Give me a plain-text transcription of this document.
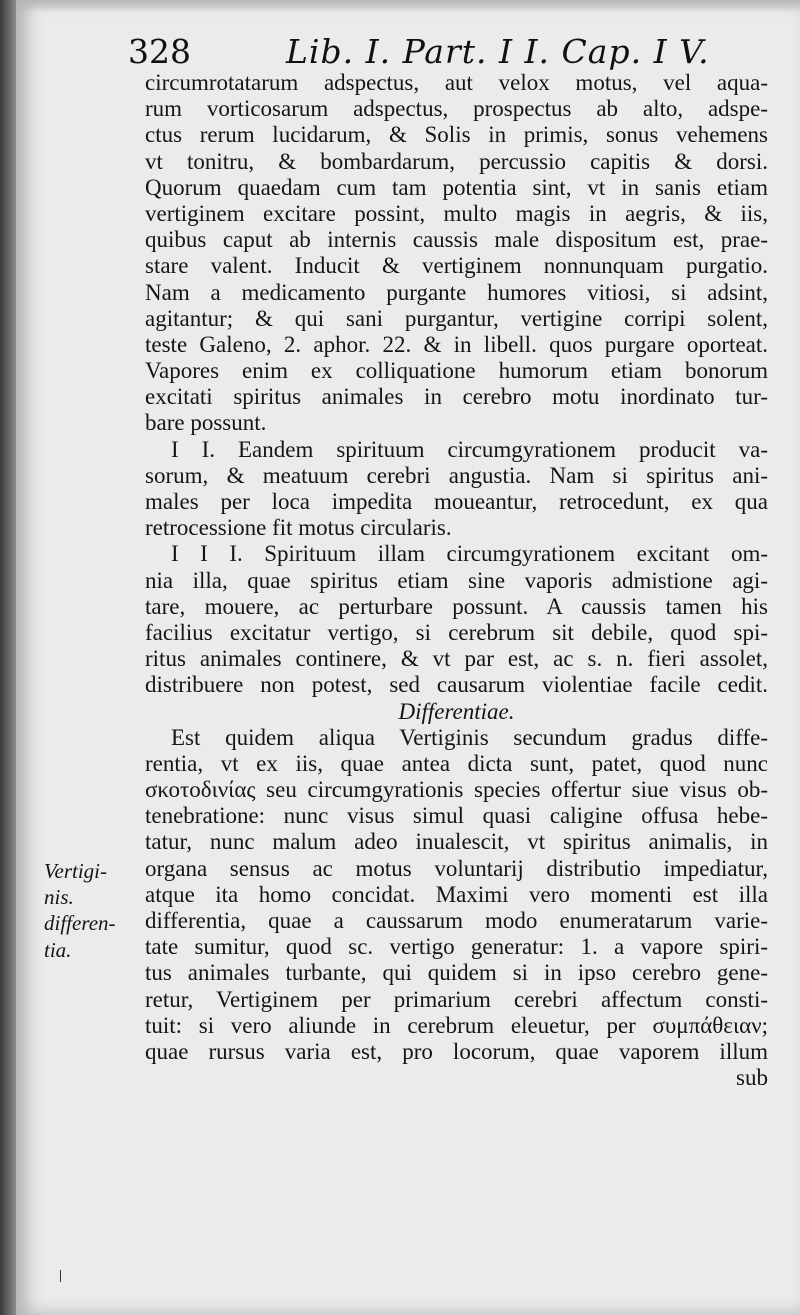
328	Lib. I. Part. I I. Cap. I V.
Vertigi-
nis.
differen-
tia.
circumrotatarum adspectus, aut velox motus, vel aqua-
rum vorticosarum adspectus, prospectus ab alto, adspe-
ctus rerum lucidarum, & Solis in primis, sonus vehemens
vt tonitru, & bombardarum, percussio capitis & dorsi.
Quorum quaedam cum tam potentia sint, vt in sanis etiam
vertiginem excitare possint, multo magis in aegris, & iis,
quibus caput ab internis caussis male dispositum est, prae-
stare valent. Inducit & vertiginem nonnunquam purgatio.
Nam a medicamento purgante humores vitiosi, si adsint,
agitantur; & qui sani purgantur, vertigine corripi solent,
teste Galeno, 2. aphor. 22. & in libell. quos purgare oporteat.
Vapores enim ex colliquatione humorum etiam bonorum
excitati spiritus animales in cerebro motu inordinato tur-
bare possunt.
I I. Eandem spirituum circumgyrationem producit va-
sorum, & meatuum cerebri angustia. Nam si spiritus ani-
males per loca impedita moueantur, retrocedunt, ex qua
retrocessione fit motus circularis.
I I I. Spirituum illam circumgyrationem excitant om-
nia illa, quae spiritus etiam sine vaporis admistione agi-
tare, mouere, ac perturbare possunt. A caussis tamen his
facilius excitatur vertigo, si cerebrum sit debile, quod spi-
ritus animales continere, & vt par est, ac s. n. fieri assolet,
distribuere non potest, sed causarum violentiae facile cedit.
Differentiae.
Est quidem aliqua Vertiginis secundum gradus diffe-
rentia, vt ex iis, quae antea dicta sunt, patet, quod nunc
σκοτοδινίας seu circumgyrationis species offertur siue visus ob-
tenebratione: nunc visus simul quasi caligine offusa hebe-
tatur, nunc malum adeo inualescit, vt spiritus animalis, in
organa sensus ac motus voluntarij distributio impediatur,
atque ita homo concidat. Maximi vero momenti est illa
differentia, quae a caussarum modo enumeratarum varie-
tate sumitur, quod sc. vertigo generatur: 1. a vapore spiri-
tus animales turbante, qui quidem si in ipso cerebro gene-
retur, Vertiginem per primarium cerebri affectum consti-
tuit: si vero aliunde in cerebrum eleuetur, per συμπάθειαν;
quae rursus varia est, pro locorum, quae vaporem illum
sub
